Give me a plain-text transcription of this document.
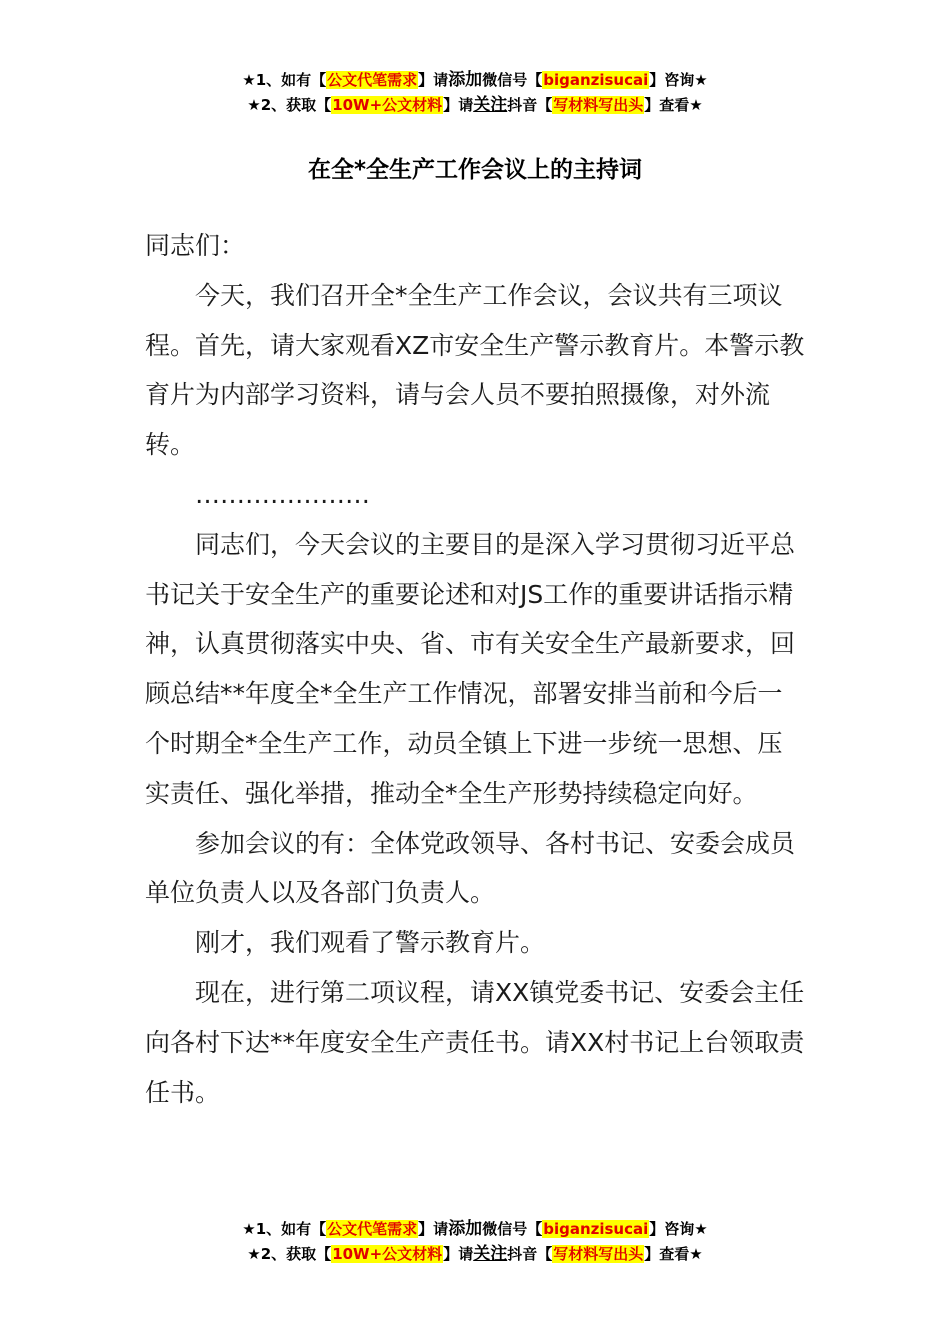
★1、如有【公文代笔需求】请添加微信号【biganzisucai】咨询★
★2、获取【10W+公文材料】请关注抖音【写材料写出头】查看★
在全*全生产工作会议上的主持词

同志们：

今天，我们召开全*全生产工作会议，会议共有三项议程。首先，请大家观看XZ市安全生产警示教育片。本警示教育片为内部学习资料，请与会人员不要拍照摄像，对外流转。

…………………

同志们，今天会议的主要目的是深入学习贯彻习近平总书记关于安全生产的重要论述和对JS工作的重要讲话指示精神，认真贯彻落实中央、省、市有关安全生产最新要求，回顾总结**年度全*全生产工作情况，部署安排当前和今后一个时期全*全生产工作，动员全镇上下进一步统一思想、压实责任、强化举措，推动全*全生产形势持续稳定向好。

参加会议的有：全体党政领导、各村书记、安委会成员单位负责人以及各部门负责人。

刚才，我们观看了警示教育片。

现在，进行第二项议程，请XX镇党委书记、安委会主任向各村下达**年度安全生产责任书。请XX村书记上台领取责任书。

★1、如有【公文代笔需求】请添加微信号【biganzisucai】咨询★
★2、获取【10W+公文材料】请关注抖音【写材料写出头】查看★
